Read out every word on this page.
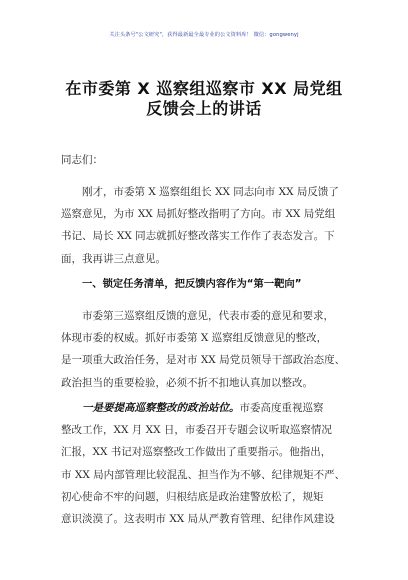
关注头条号"公文研究"，获得最新最全最专业的公文资料库！ 微信：gongwenyj
在市委第 X 巡察组巡察市 XX 局党组
反馈会上的讲话
同志们：
刚才，市委第 X 巡察组组长 XX 同志向市 XX 局反馈了
巡察意见，为市 XX 局抓好整改指明了方向。市 XX 局党组
书记、局长 XX 同志就抓好整改落实工作作了表态发言。下
面，我再讲三点意见。
一、锁定任务清单，把反馈内容作为“第一靶向”
市委第三巡察组反馈的意见，代表市委的意见和要求，
体现市委的权威。抓好市委第 X 巡察组反馈意见的整改，
是一项重大政治任务，是对市 XX 局党员领导干部政治态度、
政治担当的重要检验，必须不折不扣地认真加以整改。
一是要提高巡察整改的政治站位。市委高度重视巡察
整改工作，XX 月 XX 日，市委召开专题会议听取巡察情况
汇报，XX 书记对巡察整改工作做出了重要指示。他指出，
市 XX 局内部管理比较混乱、担当作为不够、纪律规矩不严、
初心使命不牢的问题，归根结底是政治建警放松了，规矩
意识淡漠了。这表明市 XX 局从严教育管理、纪律作风建设
